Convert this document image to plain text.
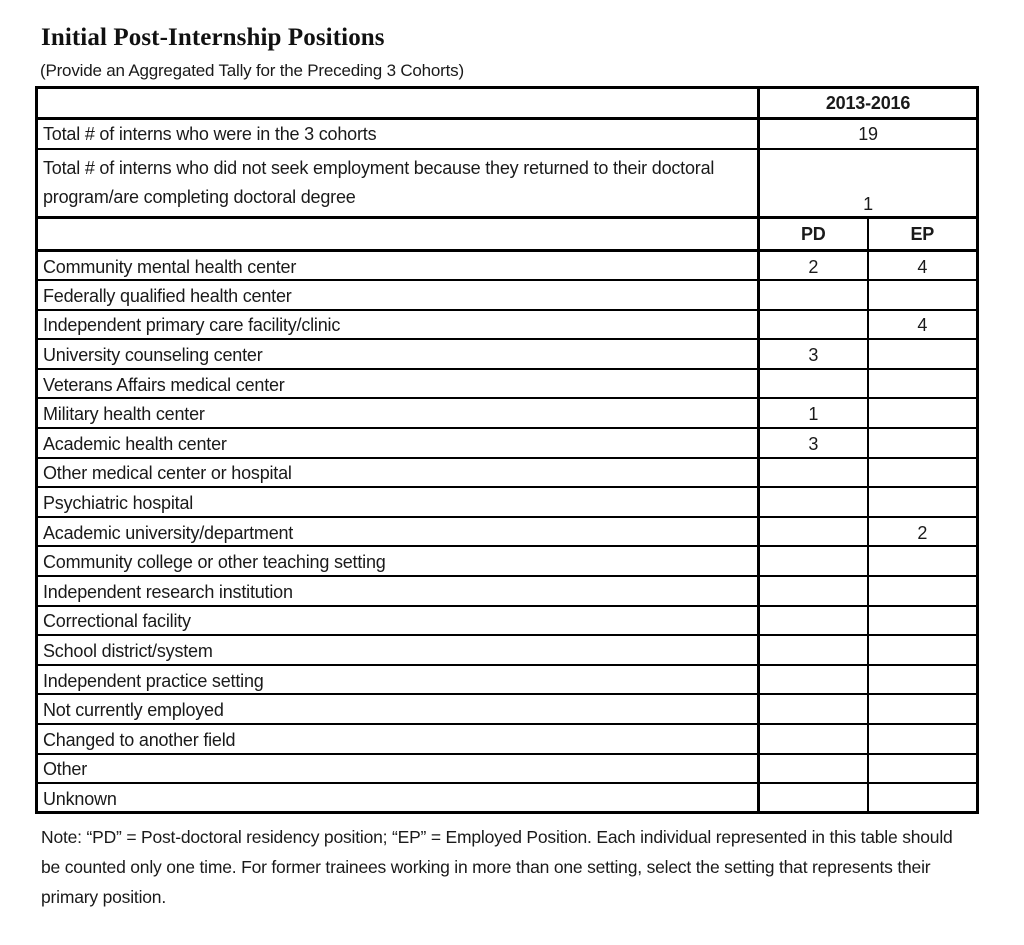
Initial Post-Internship Positions
(Provide an Aggregated Tally for the Preceding 3 Cohorts)
	2013-2016	
Total # of interns who were in the 3 cohorts	19	
Total # of interns who did not seek employment because they returned to their doctoral program/are completing doctoral degree	1	
	PD	EP
Community mental health center	2	4
Federally qualified health center		
Independent primary care facility/clinic		4
University counseling center	3	
Veterans Affairs medical center		
Military health center	1	
Academic health center	3	
Other medical center or hospital		
Psychiatric hospital		
Academic university/department		2
Community college or other teaching setting		
Independent research institution		
Correctional facility		
School district/system		
Independent practice setting		
Not currently employed		
Changed to another field		
Other		
Unknown		
Note: “PD” = Post-doctoral residency position; “EP” = Employed Position. Each individual represented in this table should be counted only one time. For former trainees working in more than one setting, select the setting that represents their primary position.
